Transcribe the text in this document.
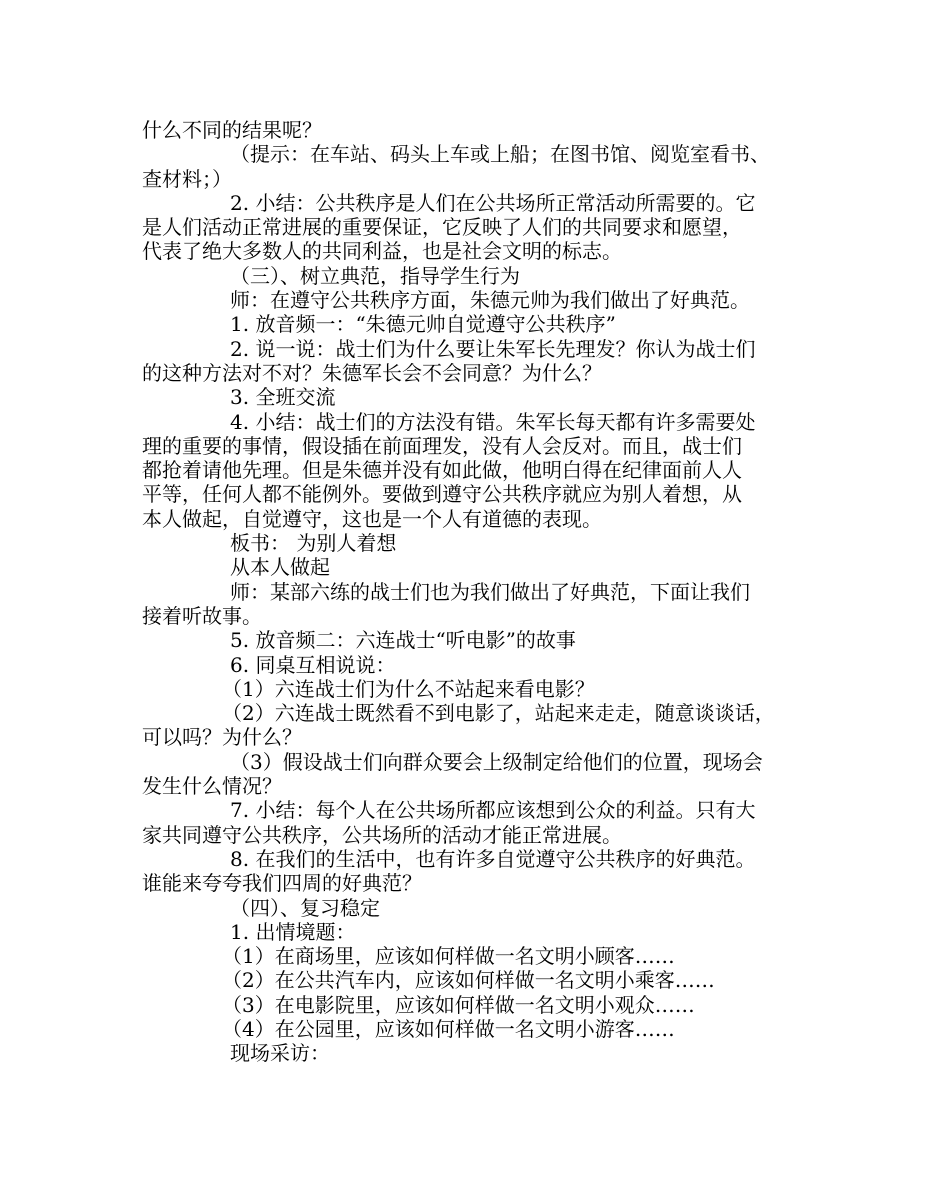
什么不同的结果呢？
（提示：在车站、码头上车或上船；在图书馆、阅览室看书、
查材料；）
2. 小结：公共秩序是人们在公共场所正常活动所需要的。它
是人们活动正常进展的重要保证，它反映了人们的共同要求和愿望，
代表了绝大多数人的共同利益，也是社会文明的标志。
（三）、树立典范，指导学生行为
师：在遵守公共秩序方面，朱德元帅为我们做出了好典范。
1. 放音频一：“朱德元帅自觉遵守公共秩序”
2. 说一说：战士们为什么要让朱军长先理发？你认为战士们
的这种方法对不对？朱德军长会不会同意？为什么？
3. 全班交流
4. 小结：战士们的方法没有错。朱军长每天都有许多需要处
理的重要的事情，假设插在前面理发，没有人会反对。而且，战士们
都抢着请他先理。但是朱德并没有如此做，他明白得在纪律面前人人
平等，任何人都不能例外。要做到遵守公共秩序就应为别人着想，从
本人做起，自觉遵守，这也是一个人有道德的表现。
板书： 为别人着想
从本人做起
师：某部六练的战士们也为我们做出了好典范，下面让我们
接着听故事。
5. 放音频二：六连战士“听电影”的故事
6. 同桌互相说说：
（1）六连战士们为什么不站起来看电影？
（2）六连战士既然看不到电影了，站起来走走，随意谈谈话，
可以吗？为什么？
（3）假设战士们向群众要会上级制定给他们的位置，现场会
发生什么情况？
7. 小结：每个人在公共场所都应该想到公众的利益。只有大
家共同遵守公共秩序，公共场所的活动才能正常进展。
8. 在我们的生活中，也有许多自觉遵守公共秩序的好典范。
谁能来夸夸我们四周的好典范？
（四）、复习稳定
1. 出情境题：
（1）在商场里，应该如何样做一名文明小顾客……
（2）在公共汽车内，应该如何样做一名文明小乘客……
（3）在电影院里，应该如何样做一名文明小观众……
（4）在公园里，应该如何样做一名文明小游客……
现场采访：
